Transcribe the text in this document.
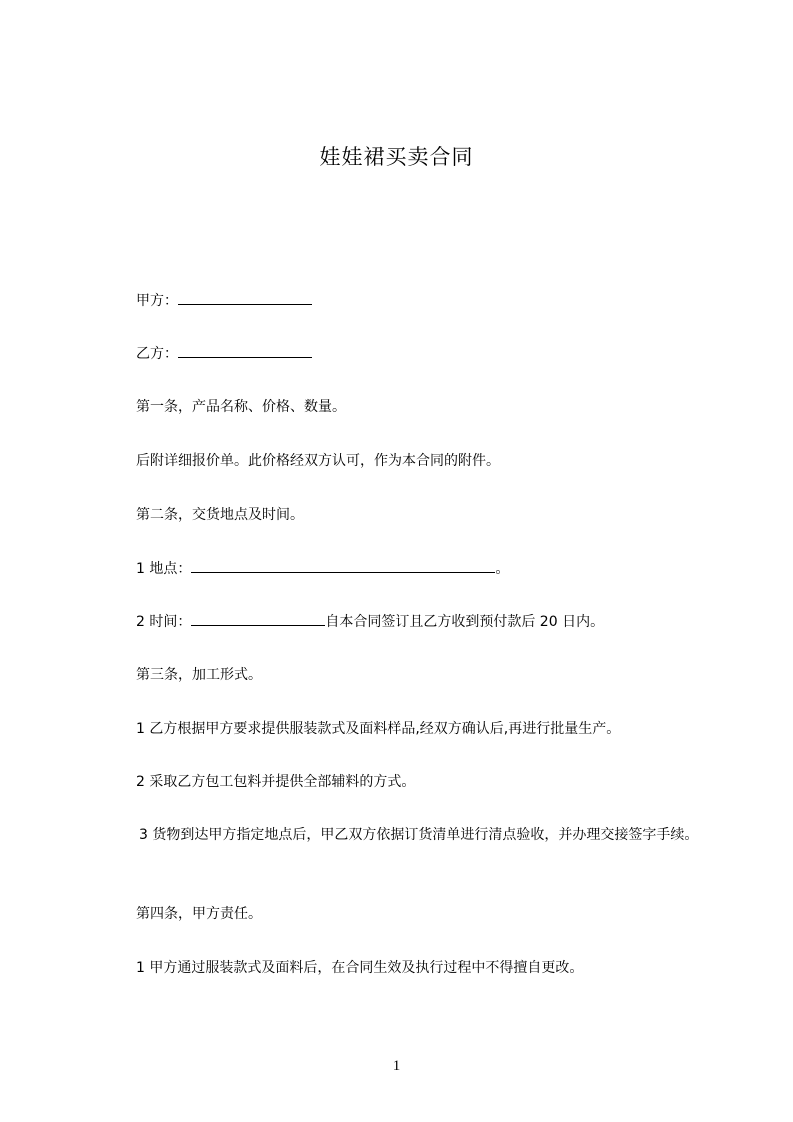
娃娃裙买卖合同
甲方：
乙方：
第一条，产品名称、价格、数量。
后附详细报价单。此价格经双方认可，作为本合同的附件。
第二条，交货地点及时间。
1 地点：	。
2 时间：	自本合同签订且乙方收到预付款后 20 日内。
第三条，加工形式。
1 乙方根据甲方要求提供服装款式及面料样品,经双方确认后,再进行批量生产。
2 采取乙方包工包料并提供全部辅料的方式。
3 货物到达甲方指定地点后，甲乙双方依据订货清单进行清点验收，并办理交接签字手续。
第四条，甲方责任。
1 甲方通过服装款式及面料后，在合同生效及执行过程中不得擅自更改。
1
